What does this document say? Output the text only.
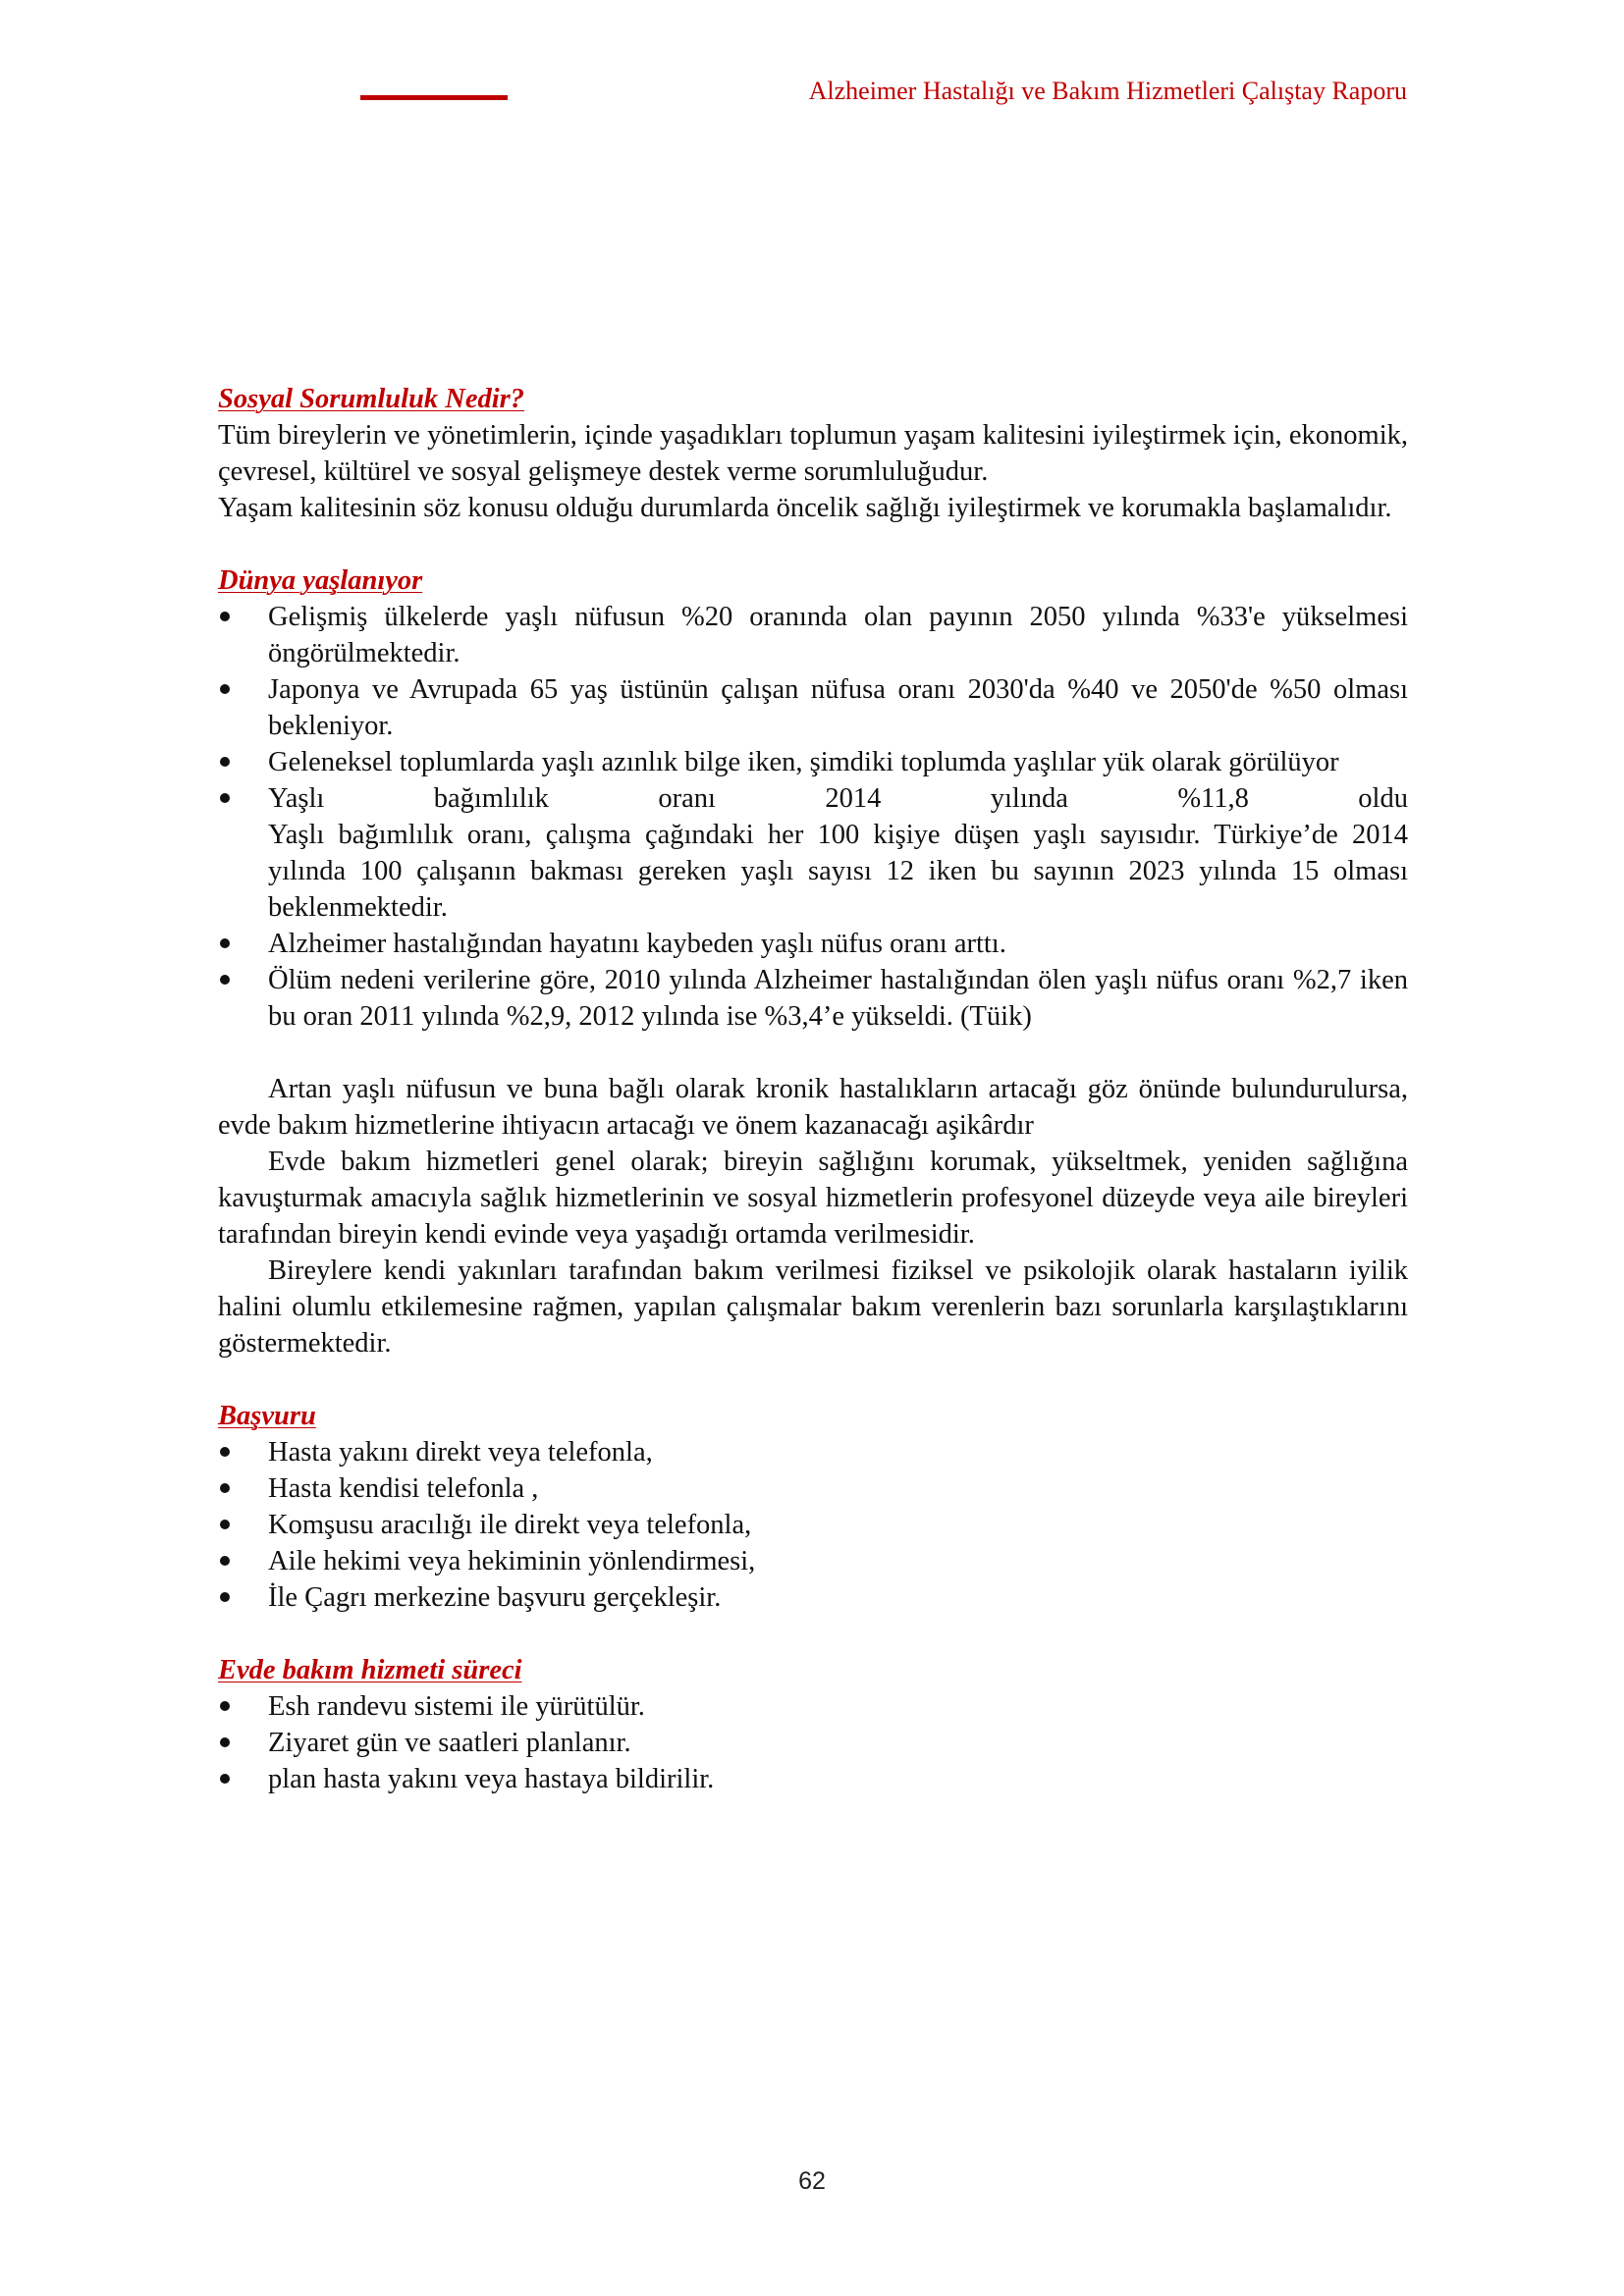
Alzheimer Hastalığı ve Bakım Hizmetleri Çalıştay Raporu
Sosyal Sorumluluk Nedir?

Tüm bireylerin ve yönetimlerin, içinde yaşadıkları toplumun yaşam kalitesini iyileştirmek için, ekonomik, çevresel, kültürel ve sosyal gelişmeye destek verme sorumluluğudur.

Yaşam kalitesinin söz konusu olduğu durumlarda öncelik sağlığı iyileştirmek ve korumakla başlamalıdır.

Dünya yaşlanıyor
Gelişmiş ülkelerde yaşlı nüfusun %20 oranında olan payının 2050 yılında %33'e yükselmesi öngörülmektedir.
Japonya ve Avrupada 65 yaş üstünün çalışan nüfusa oranı 2030'da %40 ve 2050'de %50 olması bekleniyor.
Geleneksel toplumlarda yaşlı azınlık bilge iken, şimdiki toplumda yaşlılar yük olarak görülüyor
Yaşlı	bağımlılık	oranı	2014	yılında	%11,8	oldu
Yaşlı bağımlılık oranı, çalışma çağındaki her 100 kişiye düşen yaşlı sayısıdır. Türkiye’de 2014 yılında 100 çalışanın bakması gereken yaşlı sayısı 12 iken bu sayının 2023 yılında 15 olması beklenmektedir.
Alzheimer hastalığından hayatını kaybeden yaşlı nüfus oranı arttı.
Ölüm nedeni verilerine göre, 2010 yılında Alzheimer hastalığından ölen yaşlı nüfus oranı %2,7 iken bu oran 2011 yılında %2,9, 2012 yılında ise %3,4’e yükseldi. (Tüik)

Artan yaşlı nüfusun ve buna bağlı olarak kronik hastalıkların artacağı göz önünde bulundurulursa, evde bakım hizmetlerine ihtiyacın artacağı ve önem kazanacağı aşikârdır

Evde bakım hizmetleri genel olarak; bireyin sağlığını korumak, yükseltmek, yeniden sağlığına kavuşturmak amacıyla sağlık hizmetlerinin ve sosyal hizmetlerin profesyonel düzeyde veya aile bireyleri tarafından bireyin kendi evinde veya yaşadığı ortamda verilmesidir.

Bireylere kendi yakınları tarafından bakım verilmesi fiziksel ve psikolojik olarak hastaların iyilik halini olumlu etkilemesine rağmen, yapılan çalışmalar bakım verenlerin bazı sorunlarla karşılaştıklarını göstermektedir.

Başvuru
Hasta yakını direkt veya telefonla,
Hasta kendisi telefonla ,
Komşusu aracılığı ile direkt veya telefonla,
Aile hekimi veya hekiminin yönlendirmesi,
İle Çagrı merkezine başvuru gerçekleşir.
Evde bakım hizmeti süreci
Esh randevu sistemi ile yürütülür.
Ziyaret gün ve saatleri planlanır.
plan hasta yakını veya hastaya bildirilir.
62
